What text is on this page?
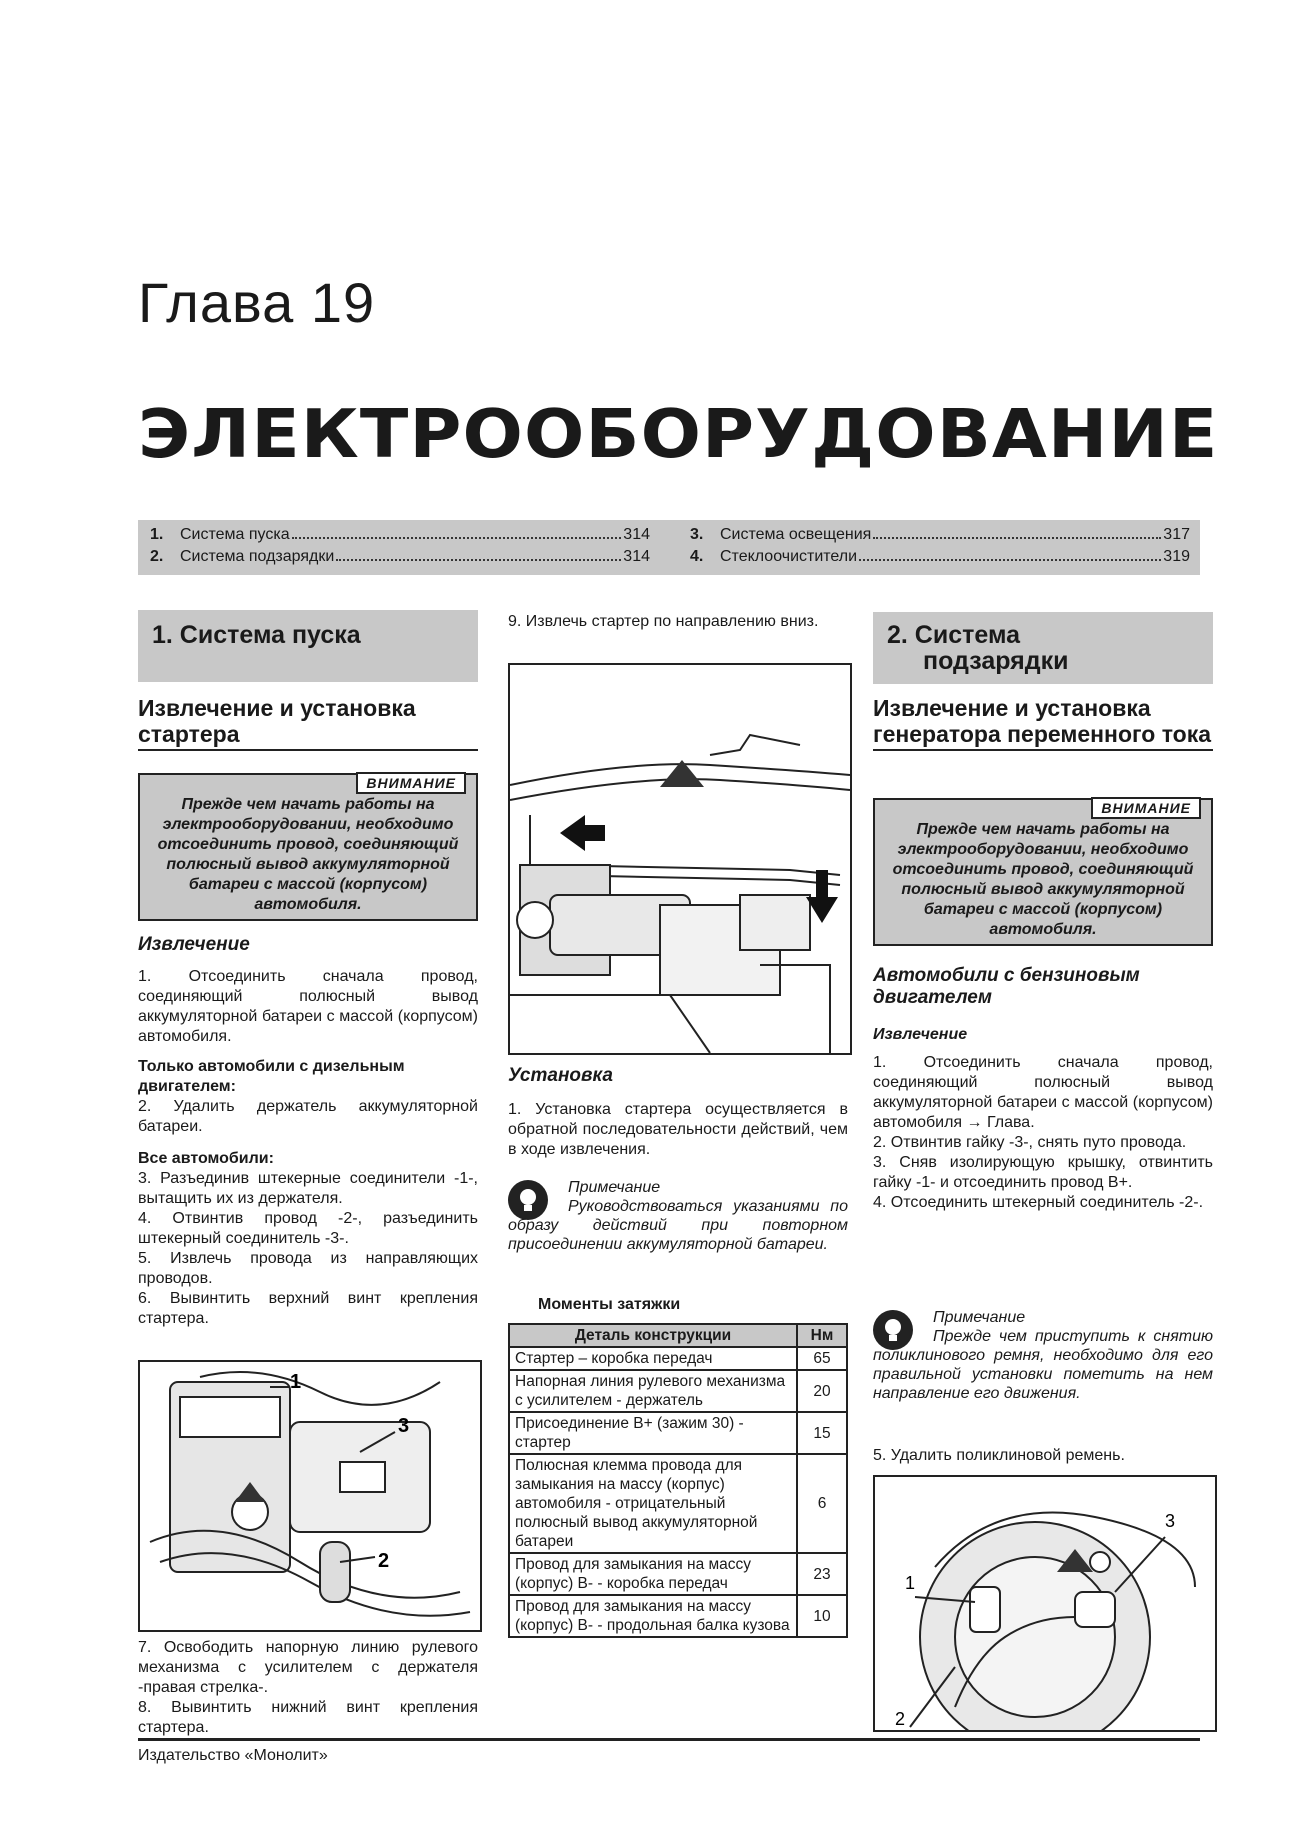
Глава 19
ЭЛЕКТРООБОРУДОВАНИЕ
1.	Система пуска	314
2.	Система подзарядки	314
3.	Система освещения	317
4.	Стеклоочистители	319
1. Система пуска
Извлечение и установка стартера
ВНИМАНИЕ
Прежде чем начать работы на электрооборудовании, необходимо отсоединить провод, соединяющий полюсный вывод аккумуляторной батареи с массой (корпусом) автомобиля.
Извлечение
1. Отсоединить сначала провод, соединяющий полюсный вывод аккумуляторной батареи с массой (корпусом) автомобиля.
Только автомобили с дизельным двигателем:
2. Удалить держатель аккумуляторной батареи.
Все автомобили:
3. Разъединив штекерные соединители -1-, вытащить их из держателя.
4. Отвинтив провод -2-, разъединить штекерный соединитель -3-.
5. Извлечь провода из направляющих проводов.
6. Вывинтить верхний винт крепления стартера.
1
2
3
7. Освободить напорную линию рулевого механизма с усилителем с держателя -правая стрелка-.
8. Вывинтить нижний винт крепления стартера.
9. Извлечь стартер по направлению вниз.
Установка
1. Установка стартера осуществляется в обратной последовательности действий, чем в ходе извлечения.
Примечание
Руководствоваться указаниями по образу действий при повторном присоединении аккумуляторной батареи.
Моменты затяжки
Деталь конструкции	Нм
Стартер – коробка передач	65
Напорная линия рулевого механизма с усилителем - держатель	20
Присоединение В+ (зажим 30) - стартер	15
Полюсная клемма провода для замыкания на массу (корпус) автомобиля - отрицательный полюсный вывод аккумуляторной батареи	6
Провод для замыкания на массу (корпус) В- - коробка передач	23
Провод для замыкания на массу (корпус) В- - продольная балка кузова	10
2. Система
подзарядки
Извлечение и установка генератора переменного тока
ВНИМАНИЕ
Прежде чем начать работы на электрооборудовании, необходимо отсоединить провод, соединяющий полюсный вывод аккумуляторной батареи с массой (корпусом) автомобиля.
Автомобили с бензиновым двигателем
Извлечение
1. Отсоединить сначала провод, соединяющий полюсный вывод аккумуляторной батареи с массой (корпусом) автомобиля → Глава.
2. Отвинтив гайку -3-, снять путо провода.
3. Сняв изолирующую крышку, отвинтить гайку -1- и отсоединить провод В+.
4. Отсоединить штекерный соединитель -2-.
Примечание
Прежде чем приступить к снятию поликлинового ремня, необходимо для его правильной установки пометить на нем направление его движения.
5. Удалить поликлиновой ремень.
1
2
3
Издательство «Монолит»
